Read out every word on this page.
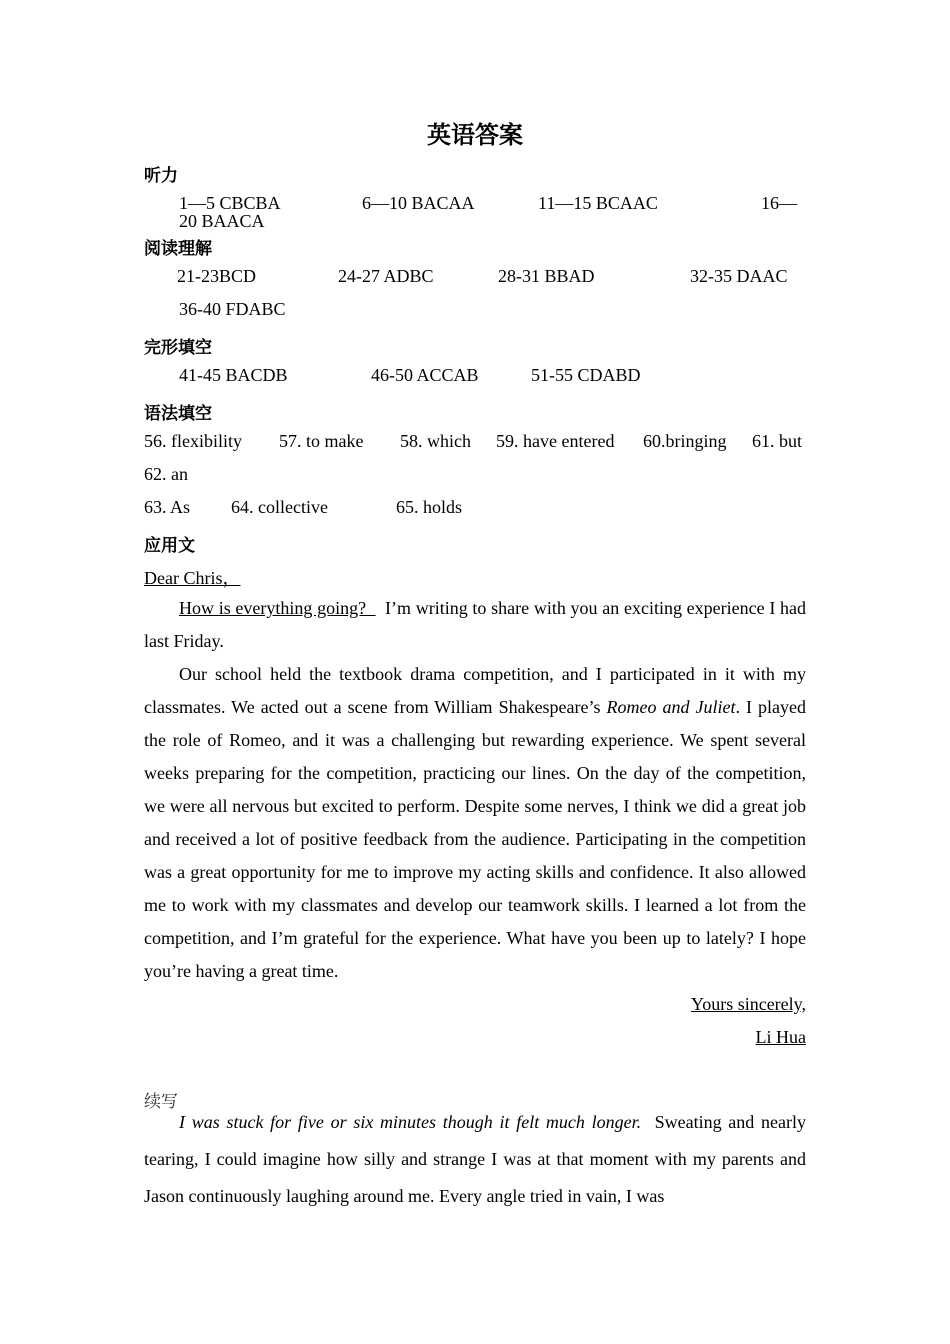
英语答案
听力
1—5 CBCBA	6—10 BACAA	11—15 BCAAC	16—
20 BAACA
阅读理解
21-23BCD	24-27 ADBC	28-31 BBAD	32-35 DAAC
36-40 FDABC
完形填空
41-45 BACDB	46-50 ACCAB	51-55 CDABD
语法填空
56. flexibility 57. to make 58. which 59. have entered 60.bringing 61. but
62. an
63. As 64. collective	65. holds
应用文
Dear Chris，
How is everything going? I’m writing to share with you an exciting experience I had last Friday.
Our school held the textbook drama competition, and I participated in it with my classmates. We acted out a scene from William Shakespeare’s Romeo and Juliet. I played the role of Romeo, and it was a challenging but rewarding experience. We spent several weeks preparing for the competition, practicing our lines. On the day of the competition, we were all nervous but excited to perform. Despite some nerves, I think we did a great job and received a lot of positive feedback from the audience. Participating in the competition was a great opportunity for me to improve my acting skills and confidence. It also allowed me to work with my classmates and develop our teamwork skills. I learned a lot from the competition, and I’m grateful for the experience. What have you been up to lately? I hope you’re having a great time.
Yours sincerely,
Li Hua
续写
I was stuck for five or six minutes though it felt much longer. Sweating and nearly tearing, I could imagine how silly and strange I was at that moment with my parents and Jason continuously laughing around me. Every angle tried in vain, I was
